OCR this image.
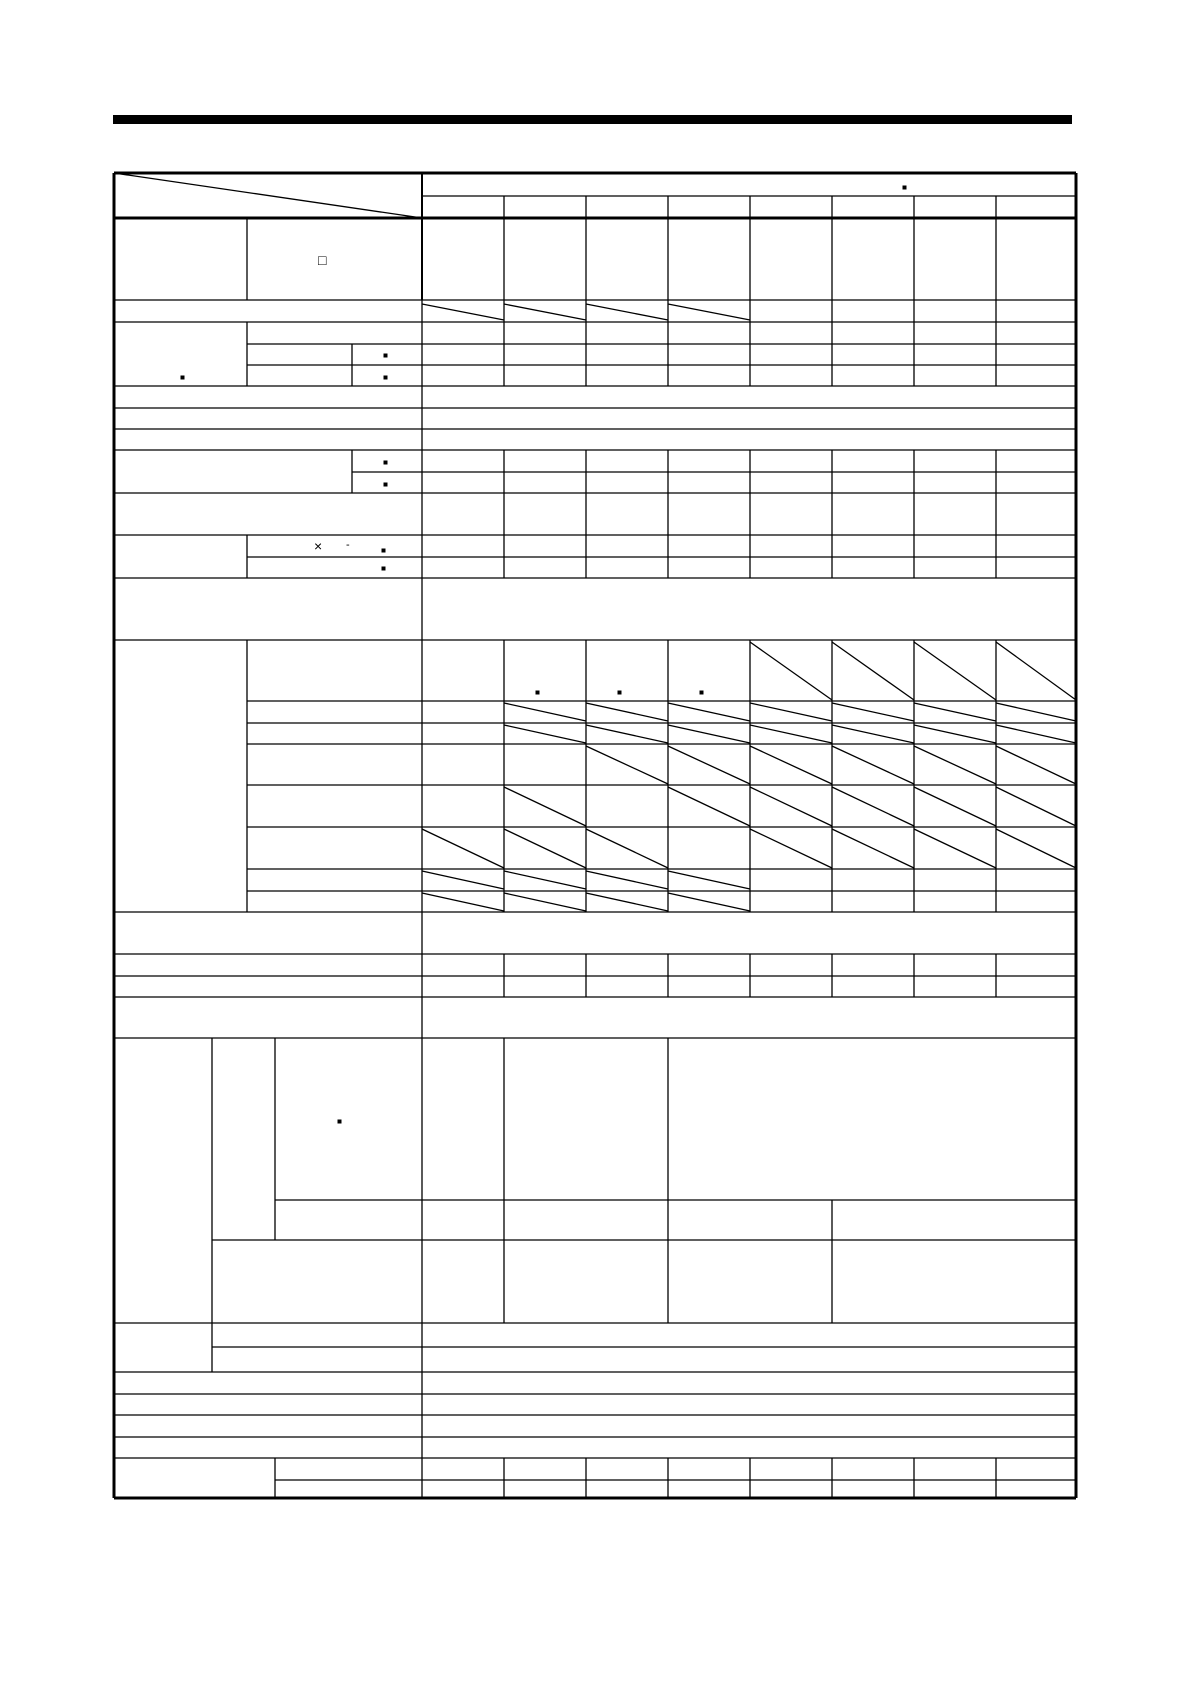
□
× -
